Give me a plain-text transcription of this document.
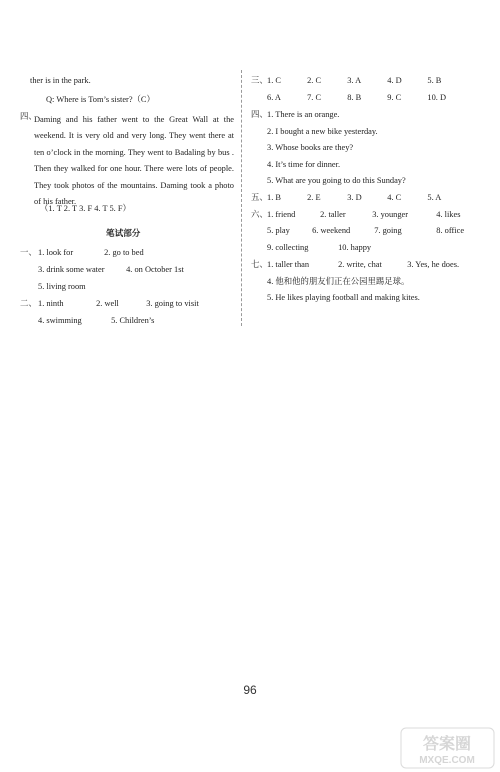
ther is in the park.
Q: Where is Tom’s sister?（C）
四、
Daming and his father went to the Great Wall at the weekend. It is very old and very long. They went there at ten o’clock in the morning. They went to Badaling by bus . Then they walked for one hour. There were lots of people. They took photos of the mountains. Daming took a photo of his father.
（1. T 2. T 3. F 4. T 5. F）
笔试部分
一、 1. look for	2. go to bed
3. drink some water	4. on October 1st
5. living room
二、 1. ninth	2. well	3. going to visit
4. swimming	5. Children’s
三、 1. C	2. C	3. A	4. D	5. B
6. A	7. C	8. B	9. C	10. D
四、 1. There is an orange.
2. I bought a new bike yesterday.
3. Whose books are they?
4. It’s time for dinner.
5. What are you going to do this Sunday?
五、 1. B	2. E	3. D	4. C	5. A
六、 1. friend	2. taller	3. younger	4. likes
5. play	6. weekend	7. going	8. office
9. collecting	10. happy
七、 1. taller than	2. write, chat	3. Yes, he does.
4. 他和他的朋友们正在公园里踢足球。
5. He likes playing football and making kites.
96
答案圈
MXQE.COM
